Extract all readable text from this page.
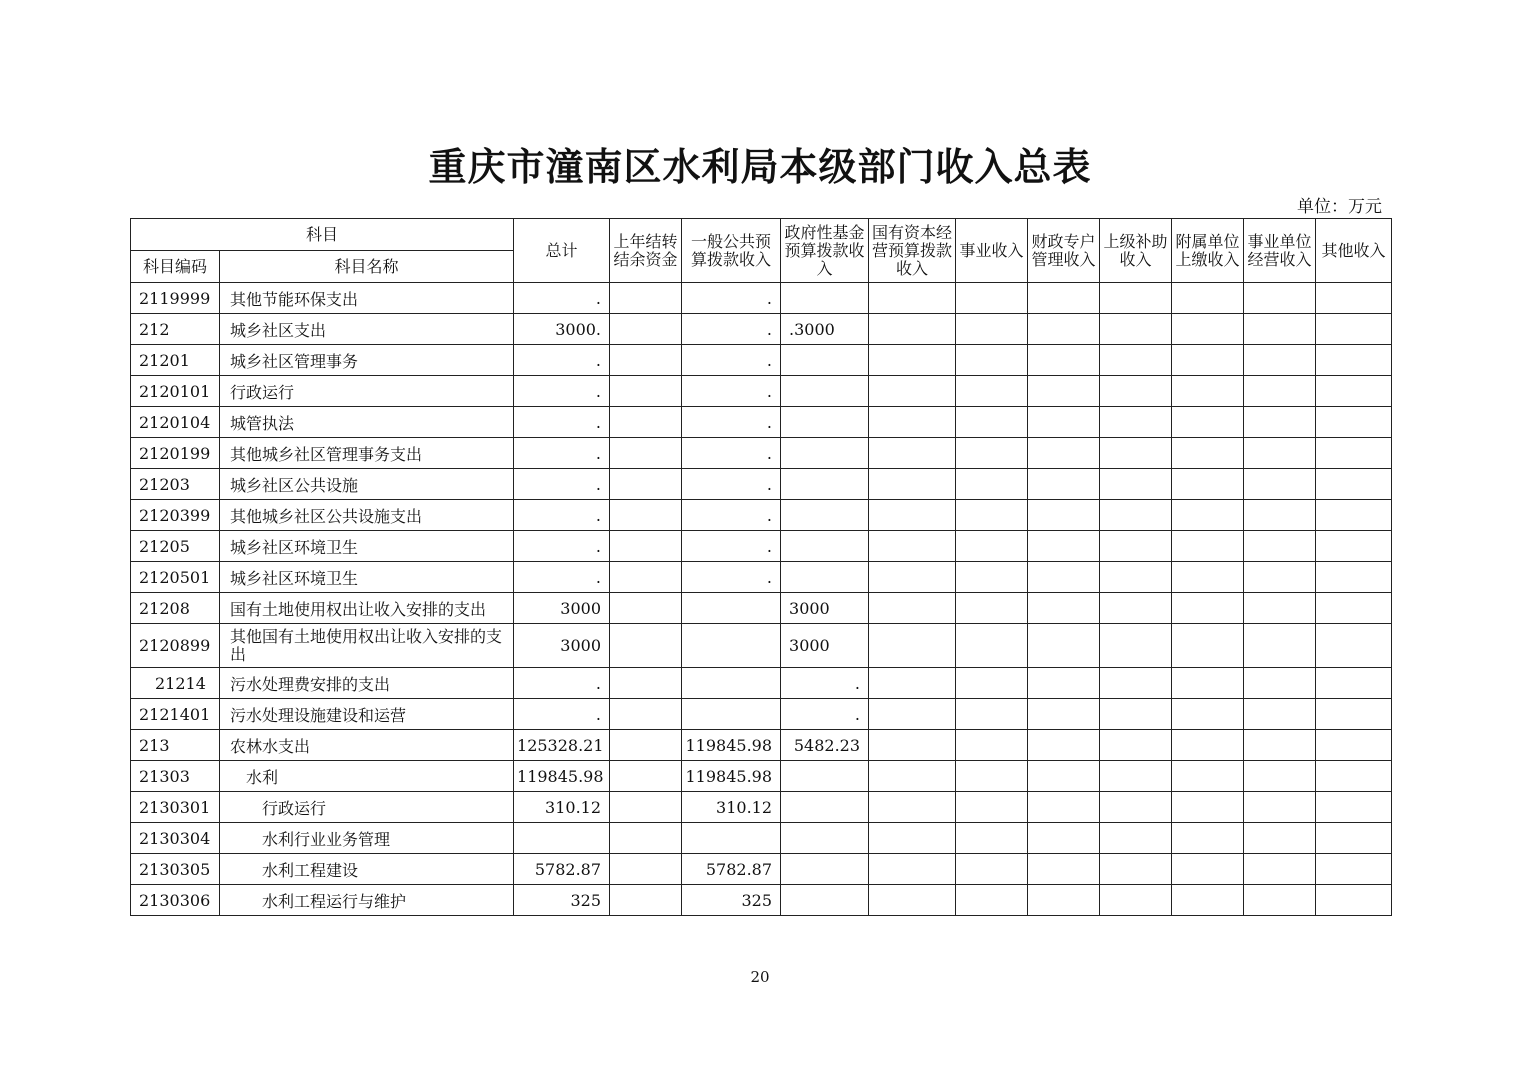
重庆市潼南区水利局本级部门收入总表
单位：万元
科目		总计	上年结转结余资金	一般公共预算拨款收入	政府性基金预算拨款收入	国有资本经营预算拨款收入	事业收入	财政专户管理收入	上级补助收入	附属单位上缴收入	事业单位经营收入	其他收入
科目编码	科目名称											
2119999	其他节能环保支出	.		.								
212	城乡社区支出	3000.		.	.3000							
21201	城乡社区管理事务	.		.								
2120101	行政运行	.		.								
2120104	城管执法	.		.								
2120199	其他城乡社区管理事务支出	.		.								
21203	城乡社区公共设施	.		.								
2120399	其他城乡社区公共设施支出	.		.								
21205	城乡社区环境卫生	.		.								
2120501	城乡社区环境卫生	.		.								
21208	国有土地使用权出让收入安排的支出	3000			3000							
2120899	其他国有土地使用权出让收入安排的支出	3000			3000							
21214	污水处理费安排的支出	.			.							
2121401	污水处理设施建设和运营	.			.							
213	农林水支出	125328.21		119845.98	5482.23							
21303	水利	119845.98		119845.98								
2130301	行政运行	310.12		310.12								
2130304	水利行业业务管理											
2130305	水利工程建设	5782.87		5782.87								
2130306	水利工程运行与维护	325		325								
20
